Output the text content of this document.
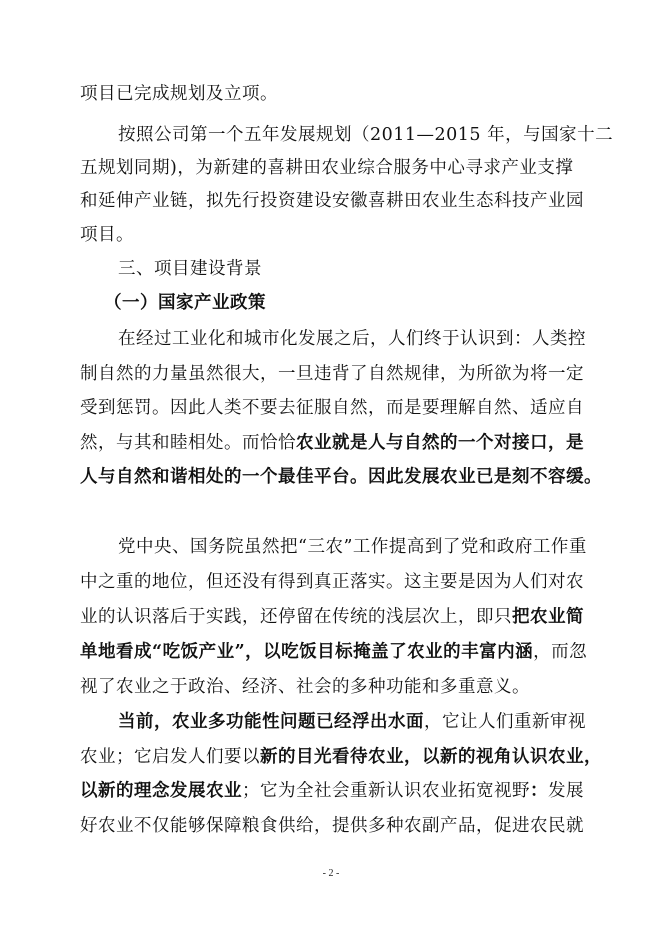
项目已完成规划及立项。
按照公司第一个五年发展规划（2011—2015 年，与国家十二
五规划同期)，为新建的喜耕田农业综合服务中心寻求产业支撑
和延伸产业链，拟先行投资建设安徽喜耕田农业生态科技产业园
项目。
三、项目建设背景
（一）国家产业政策
在经过工业化和城市化发展之后，人们终于认识到：人类控
制自然的力量虽然很大，一旦违背了自然规律，为所欲为将一定
受到惩罚。因此人类不要去征服自然，而是要理解自然、适应自
然，与其和睦相处。而恰恰农业就是人与自然的一个对接口，是
人与自然和谐相处的一个最佳平台。因此发展农业已是刻不容缓。
党中央、国务院虽然把“三农”工作提高到了党和政府工作重
中之重的地位，但还没有得到真正落实。这主要是因为人们对农
业的认识落后于实践，还停留在传统的浅层次上，即只把农业简
单地看成“吃饭产业”，以吃饭目标掩盖了农业的丰富内涵，而忽
视了农业之于政治、经济、社会的多种功能和多重意义。
当前，农业多功能性问题已经浮出水面，它让人们重新审视
农业；它启发人们要以新的目光看待农业，以新的视角认识农业，
以新的理念发展农业；它为全社会重新认识农业拓宽视野：发展
好农业不仅能够保障粮食供给，提供多种农副产品，促进农民就
- 2 -
